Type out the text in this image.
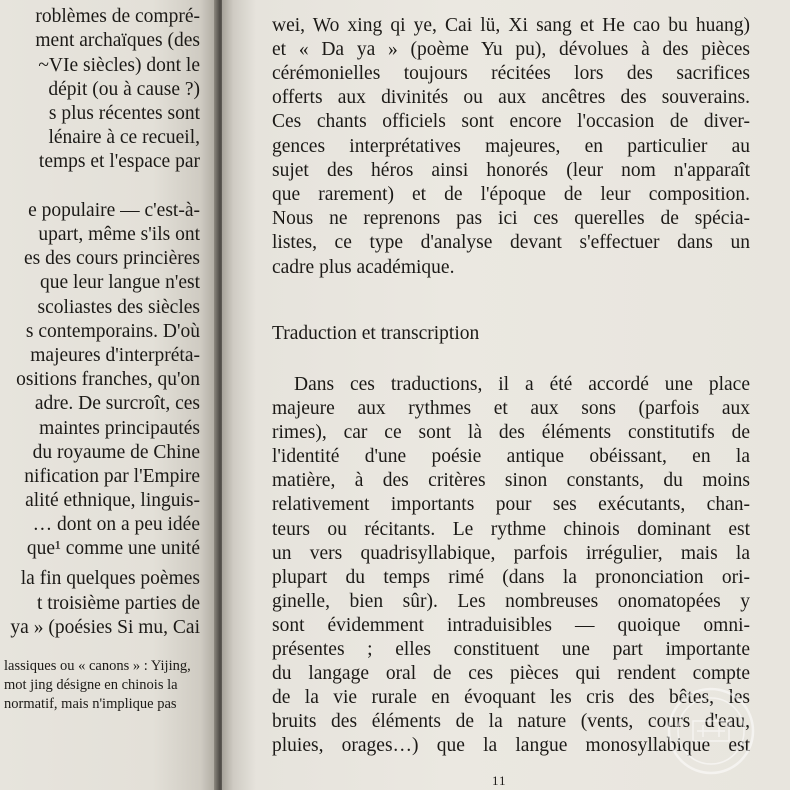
roblèmes de compré-
ment archaïques (des
~VIe siècles) dont le
dépit (ou à cause ?)
s plus récentes sont
lénaire à ce recueil,
temps et l'espace par
e populaire — c'est-à-
upart, même s'ils ont
es des cours princières
que leur langue n'est
scoliastes des siècles
s contemporains. D'où
majeures d'interpréta-
ositions franches, qu'on
adre. De surcroît, ces
maintes principautés
du royaume de Chine
nification par l'Empire
alité ethnique, linguis-
… dont on a peu idée
que¹ comme une unité
la fin quelques poèmes
t troisième parties de
ya » (poésies Si mu, Cai
lassiques ou « canons » : Yijing,
mot jing désigne en chinois la
normatif, mais n'implique pas
wei, Wo xing qi ye, Cai lü, Xi sang et He cao bu huang)
et « Da ya » (poème Yu pu), dévolues à des pièces
cérémonielles toujours récitées lors des sacrifices
offerts aux divinités ou aux ancêtres des souverains.
Ces chants officiels sont encore l'occasion de diver-
gences interprétatives majeures, en particulier au
sujet des héros ainsi honorés (leur nom n'apparaît
que rarement) et de l'époque de leur composition.
Nous ne reprenons pas ici ces querelles de spécia-
listes, ce type d'analyse devant s'effectuer dans un
cadre plus académique.
Traduction et transcription
Dans ces traductions, il a été accordé une place
majeure aux rythmes et aux sons (parfois aux
rimes), car ce sont là des éléments constitutifs de
l'identité d'une poésie antique obéissant, en la
matière, à des critères sinon constants, du moins
relativement importants pour ses exécutants, chan-
teurs ou récitants. Le rythme chinois dominant est
un vers quadrisyllabique, parfois irrégulier, mais la
plupart du temps rimé (dans la prononciation ori-
ginelle, bien sûr). Les nombreuses onomatopées y
sont évidemment intraduisibles — quoique omni-
présentes ; elles constituent une part importante
du langage oral de ces pièces qui rendent compte
de la vie rurale en évoquant les cris des bêtes, les
bruits des éléments de la nature (vents, cours d'eau,
pluies, orages…) que la langue monosyllabique est
11
